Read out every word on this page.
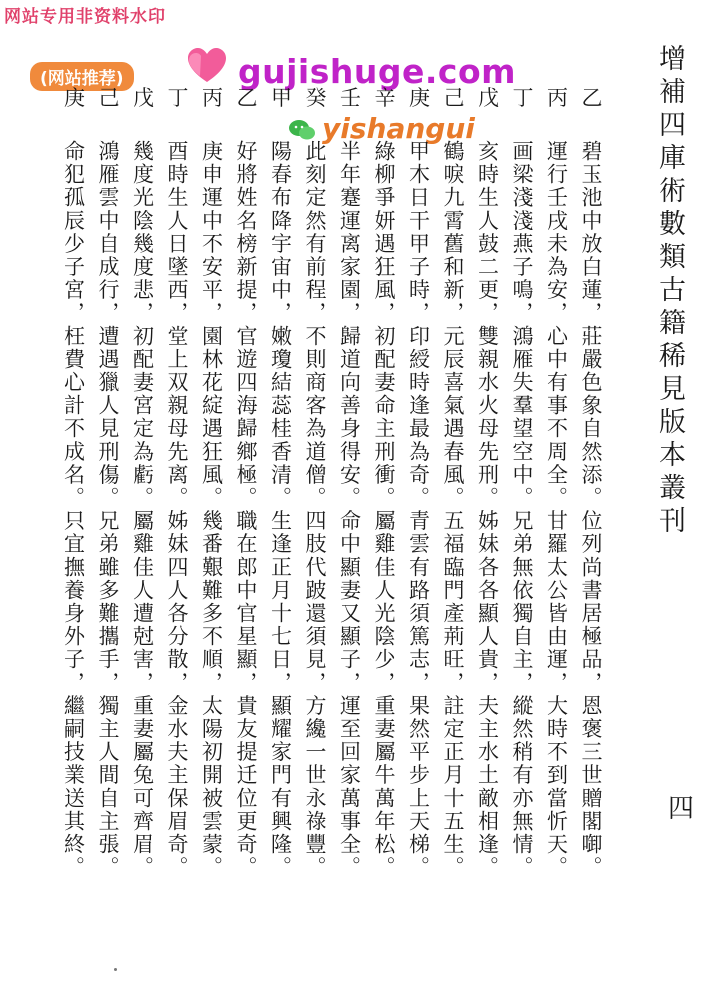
网站专用非资料水印
(网站推荐)	gujishuge.com
yishangui	增補四庫術數類古籍稀見版本叢刊
四
乙
丙
丁
戊
己
庚
辛
壬
癸
甲
乙
丙
丁
戊
己
庚
碧玉池中放白蓮，莊嚴色象自然添。位列尚書居極品，恩褒三世贈閣啣。
運行壬戌未為安，心中有事不周全。甘羅太公皆由運，大時不到當忻天。
画梁淺淺燕子鳴，鴻雁失羣望空中。兄弟無依獨自主，縱然稍有亦無情。
亥時生人鼓二更，雙親水火母先刑。姊妹各各顯人貴，夫主水土敵相逢。
鶴唳九霄舊和新，元辰喜氣遇春風。五福臨門產荊旺，註定正月十五生。
甲木日干甲子時，印綬時逢最為奇。青雲有路須篤志，果然平步上天梯。
綠柳爭妍遇狂風，初配妻命主刑衝。屬雞佳人光陰少，重妻屬牛萬年松。
半年蹇運离家園，歸道向善身得安。命中顯妻又顯子，運至回家萬事全。
此刻定然有前程，不則商客為道僧。四肢代跛還須見，方纔一世永祿豐。
陽春布降宇宙中，嫩瓊結蕊桂香清。生逢正月十七日，顯耀家門有興隆。
好將姓名榜新提，官遊四海歸鄉極。職在郎中官星顯，貴友提迁位更奇。
庚申運中不安平，園林花綻遇狂風。幾番艱難多不順，太陽初開被雲蒙。
酉時生人日墜西，堂上双親母先离。姊妹四人各分散，金水夫主保眉奇。
幾度光陰幾度悲，初配妻宮定為虧。屬雞佳人遭尅害，重妻屬兔可齊眉。
鴻雁雲中自成行，遭遇獵人見刑傷。兄弟雖多難攜手，獨主人間自主張。
命犯孤辰少子宮，枉費心計不成名。只宜撫養身外子，繼嗣技業送其終。
